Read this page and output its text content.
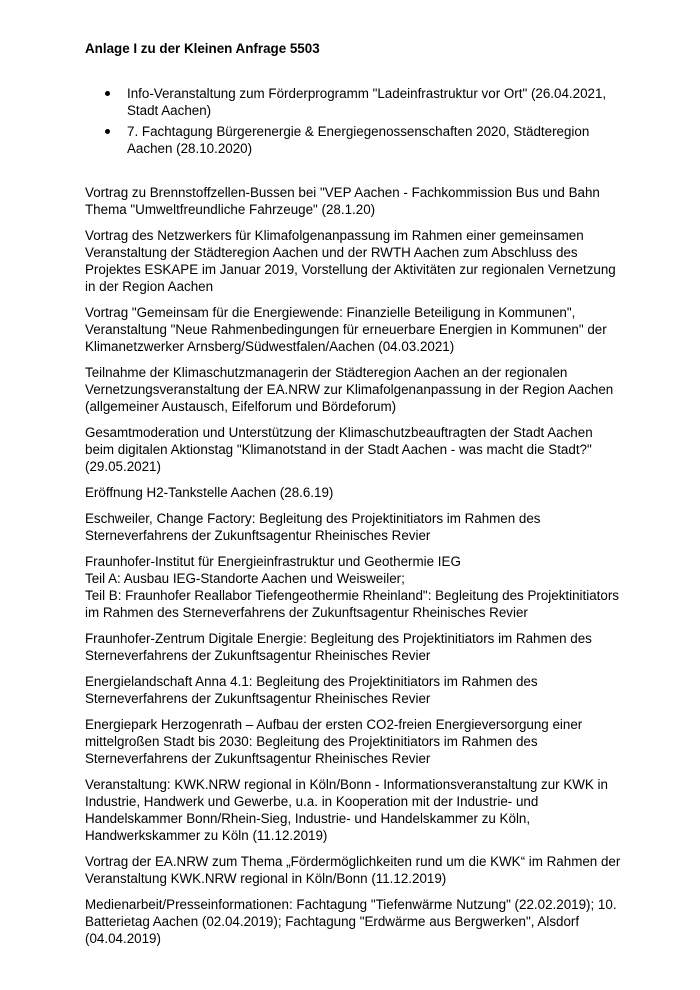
Anlage I zu der Kleinen Anfrage 5503
Info-Veranstaltung zum Förderprogramm "Ladeinfrastruktur vor Ort" (26.04.2021, Stadt Aachen)
7. Fachtagung Bürgerenergie & Energiegenossenschaften 2020, Städteregion Aachen (28.10.2020)

Vortrag zu Brennstoffzellen-Bussen bei "VEP Aachen - Fachkommission Bus und Bahn Thema "Umweltfreundliche Fahrzeuge" (28.1.20)

Vortrag des Netzwerkers für Klimafolgenanpassung im Rahmen einer gemeinsamen Veranstaltung der Städteregion Aachen und der RWTH Aachen zum Abschluss des Projektes ESKAPE im Januar 2019, Vorstellung der Aktivitäten zur regionalen Vernetzung in der Region Aachen

Vortrag "Gemeinsam für die Energiewende: Finanzielle Beteiligung in Kommunen", Veranstaltung "Neue Rahmenbedingungen für erneuerbare Energien in Kommunen" der Klimanetzwerker Arnsberg/Südwestfalen/Aachen (04.03.2021)

Teilnahme der Klimaschutzmanagerin der Städteregion Aachen an der regionalen Vernetzungsveranstaltung der EA.NRW zur Klimafolgenanpassung in der Region Aachen (allgemeiner Austausch, Eifelforum und Bördeforum)

Gesamtmoderation und Unterstützung der Klimaschutzbeauftragten der Stadt Aachen beim digitalen Aktionstag "Klimanotstand in der Stadt Aachen - was macht die Stadt?" (29.05.2021)

Eröffnung H2-Tankstelle Aachen (28.6.19)

Eschweiler, Change Factory: Begleitung des Projektinitiators im Rahmen des Sterneverfahrens der Zukunftsagentur Rheinisches Revier

Fraunhofer-Institut für Energieinfrastruktur und Geothermie IEG
Teil A: Ausbau IEG-Standorte Aachen und Weisweiler;
Teil B: Fraunhofer Reallabor Tiefengeothermie Rheinland": Begleitung des Projektinitiators im Rahmen des Sterneverfahrens der Zukunftsagentur Rheinisches Revier

Fraunhofer-Zentrum Digitale Energie: Begleitung des Projektinitiators im Rahmen des Sterneverfahrens der Zukunftsagentur Rheinisches Revier

Energielandschaft Anna 4.1: Begleitung des Projektinitiators im Rahmen des Sterneverfahrens der Zukunftsagentur Rheinisches Revier

Energiepark Herzogenrath – Aufbau der ersten CO2-freien Energieversorgung einer mittelgroßen Stadt bis 2030: Begleitung des Projektinitiators im Rahmen des Sterneverfahrens der Zukunftsagentur Rheinisches Revier

Veranstaltung: KWK.NRW regional in Köln/Bonn - Informationsveranstaltung zur KWK in Industrie, Handwerk und Gewerbe, u.a. in Kooperation mit der Industrie- und Handelskammer Bonn/Rhein-Sieg, Industrie- und Handelskammer zu Köln, Handwerkskammer zu Köln (11.12.2019)

Vortrag der EA.NRW zum Thema „Fördermöglichkeiten rund um die KWK“ im Rahmen der Veranstaltung KWK.NRW regional in Köln/Bonn (11.12.2019)

Medienarbeit/Presseinformationen: Fachtagung "Tiefenwärme Nutzung" (22.02.2019); 10. Batterietag Aachen (02.04.2019); Fachtagung "Erdwärme aus Bergwerken", Alsdorf (04.04.2019)
